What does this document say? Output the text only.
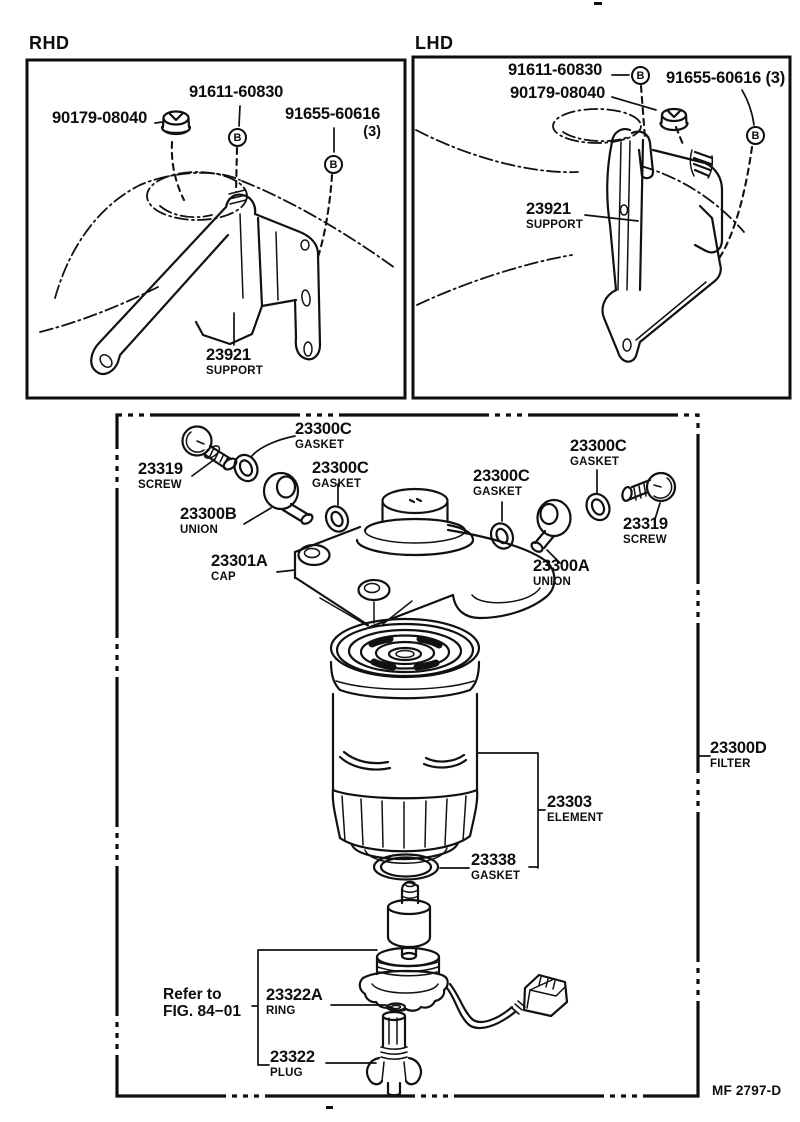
RHD
90179-08040
91611-60830
91655-60616
(3)
B
B
23921
SUPPORT
LHD
91611-60830
90179-08040
91655-60616 (3)
B
B
23921
SUPPORT
23300C
GASKET
23319
SCREW
23300C
GASKET
23300B
UNION
23300C
GASKET
23300C
GASKET
23319
SCREW
23300A
UNION
23301A
CAP
23300D
FILTER
23303
ELEMENT
23338
GASKET
Refer to
FIG. 84−01
23322A
RING
23322
PLUG
MF 2797-D
